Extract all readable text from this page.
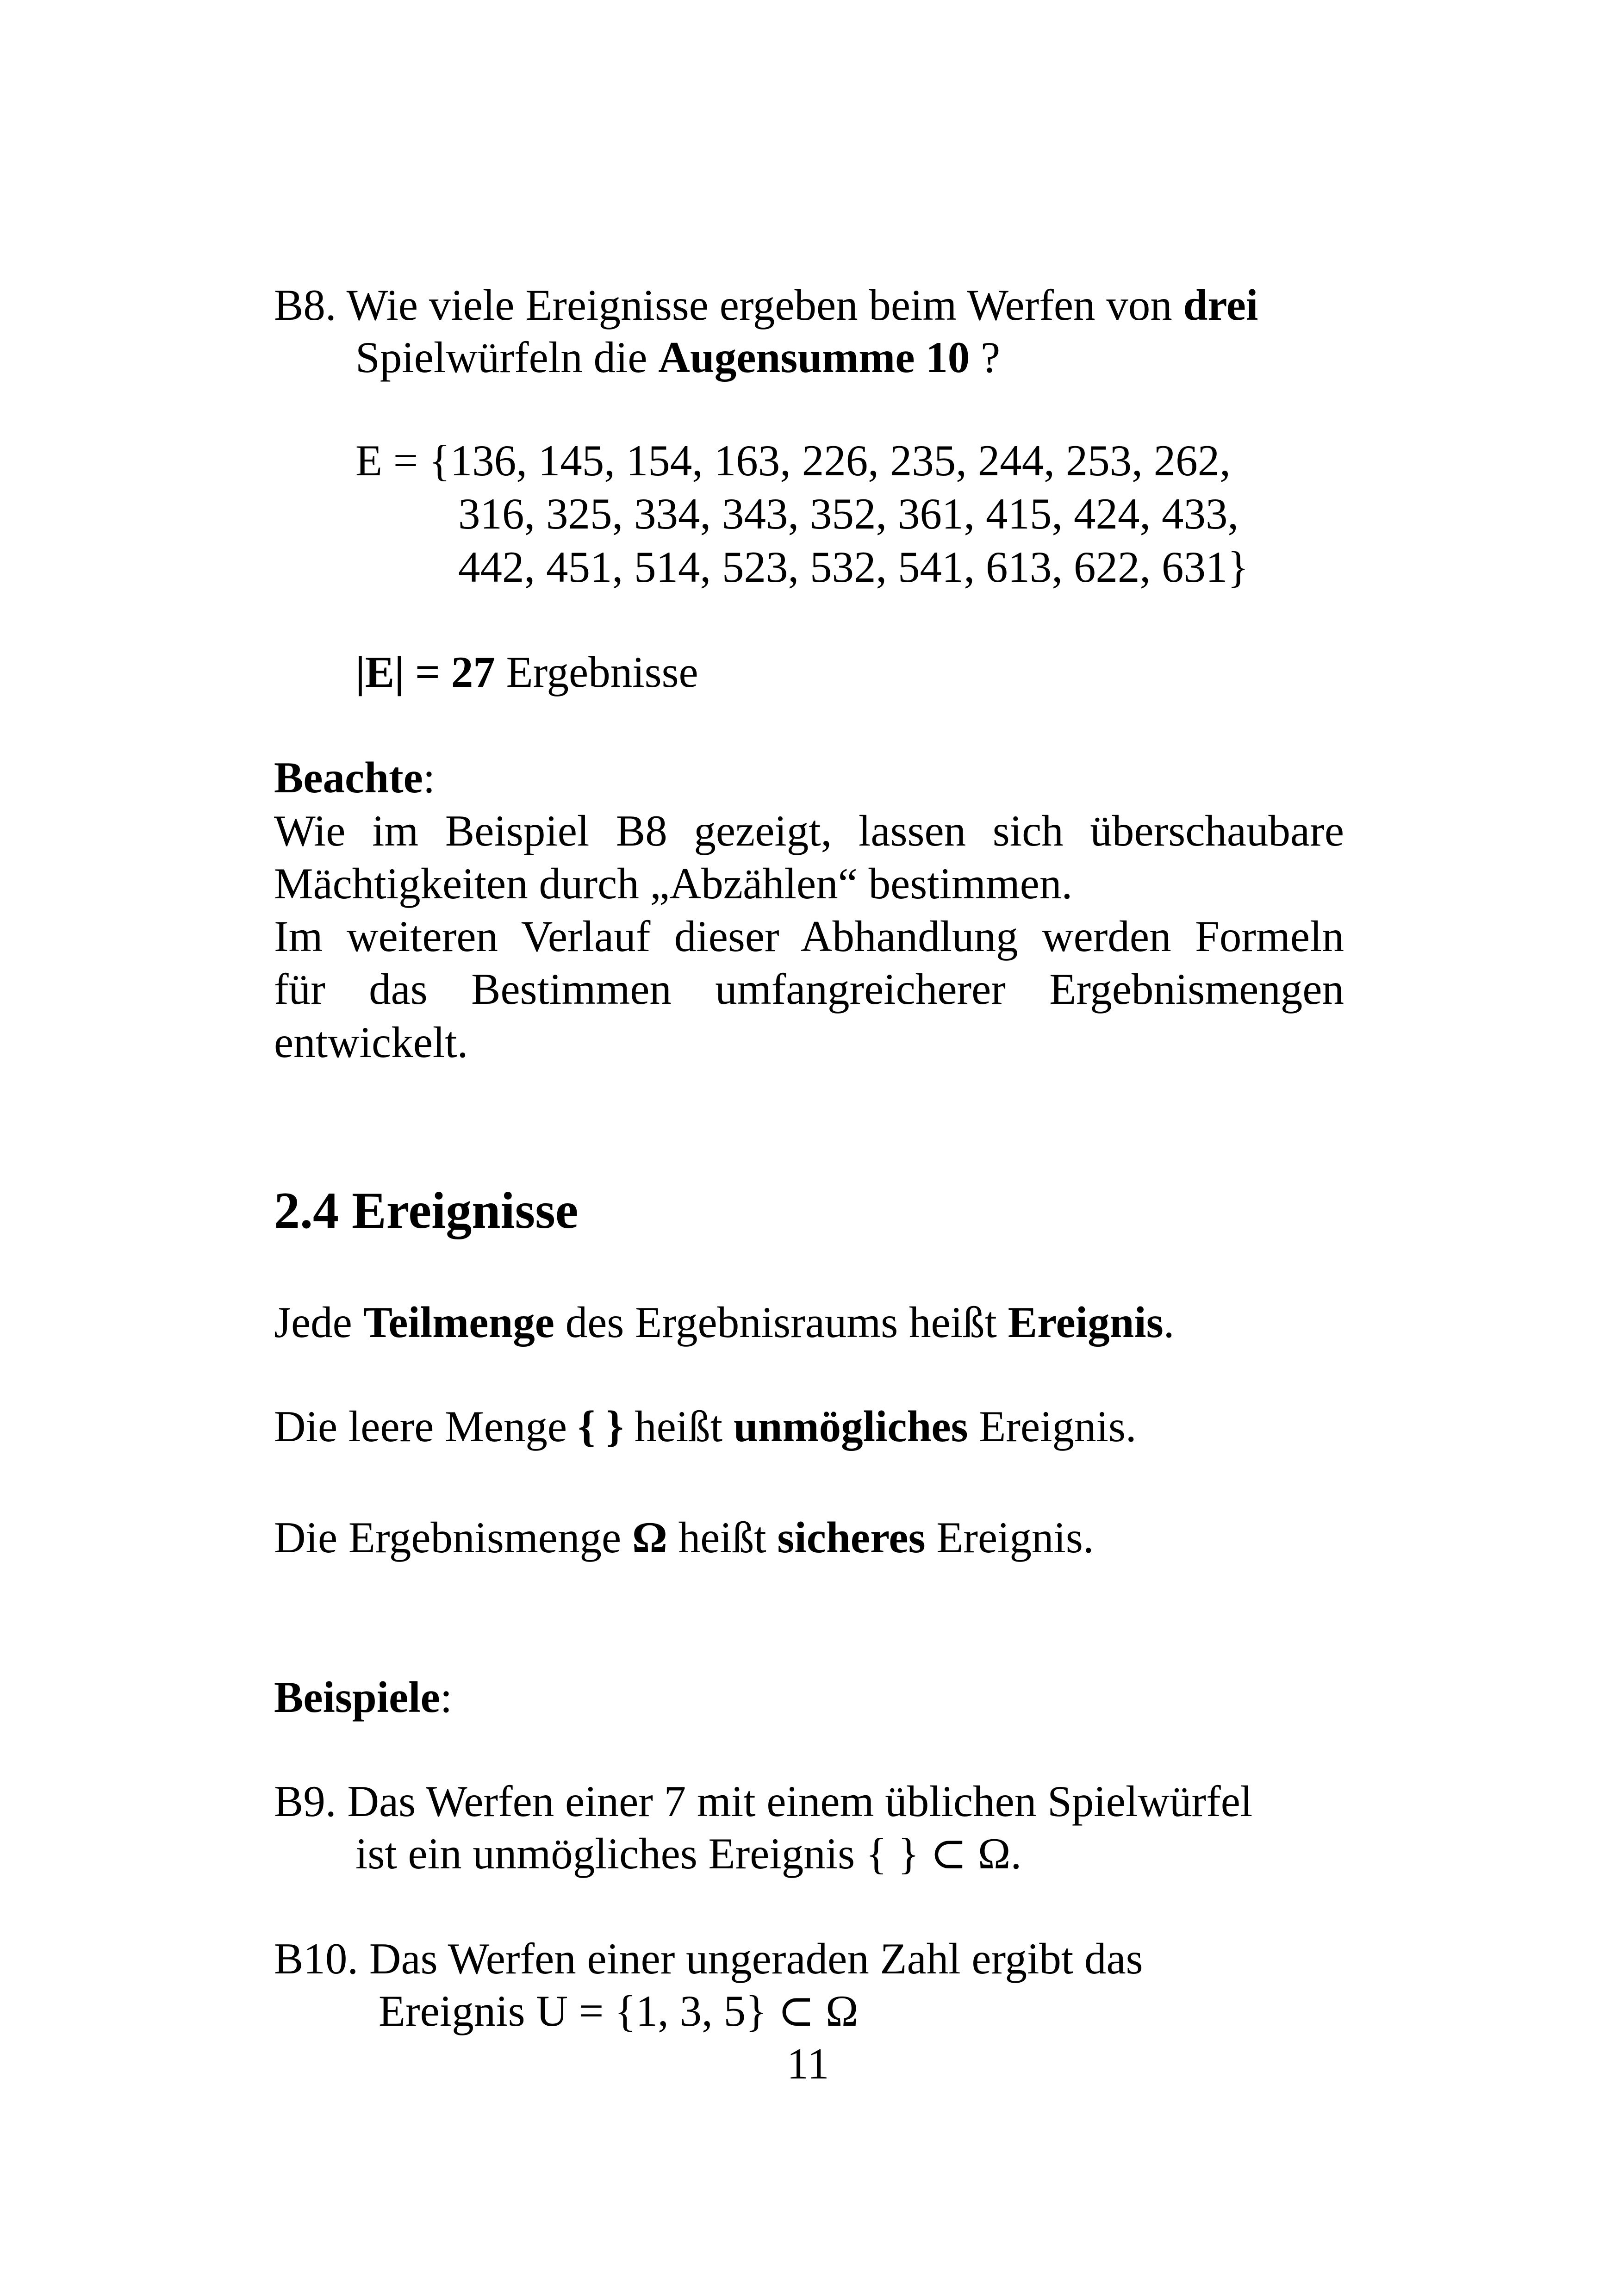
B8. Wie viele Ereignisse ergeben beim Werfen von drei

Spielwürfeln die Augensumme 10 ?

E = {136, 145, 154, 163, 226, 235, 244, 253, 262,

316, 325, 334, 343, 352, 361, 415, 424, 433,

442, 451, 514, 523, 532, 541, 613, 622, 631}

|E| = 27 Ergebnisse

Beachte:

Wie im Beispiel B8 gezeigt, lassen sich überschaubare

Mächtigkeiten durch „Abzählen“ bestimmen.

Im weiteren Verlauf dieser Abhandlung werden Formeln

für das Bestimmen umfangreicherer Ergebnismengen

entwickelt.

2.4 Ereignisse

Jede Teilmenge des Ergebnisraums heißt Ereignis.

Die leere Menge { } heißt unmögliches Ereignis.

Die Ergebnismenge Ω heißt sicheres Ereignis.

Beispiele:

B9. Das Werfen einer 7 mit einem üblichen Spielwürfel

ist ein unmögliches Ereignis { } ⊂ Ω.

B10. Das Werfen einer ungeraden Zahl ergibt das

Ereignis U = {1, 3, 5} ⊂ Ω

11
